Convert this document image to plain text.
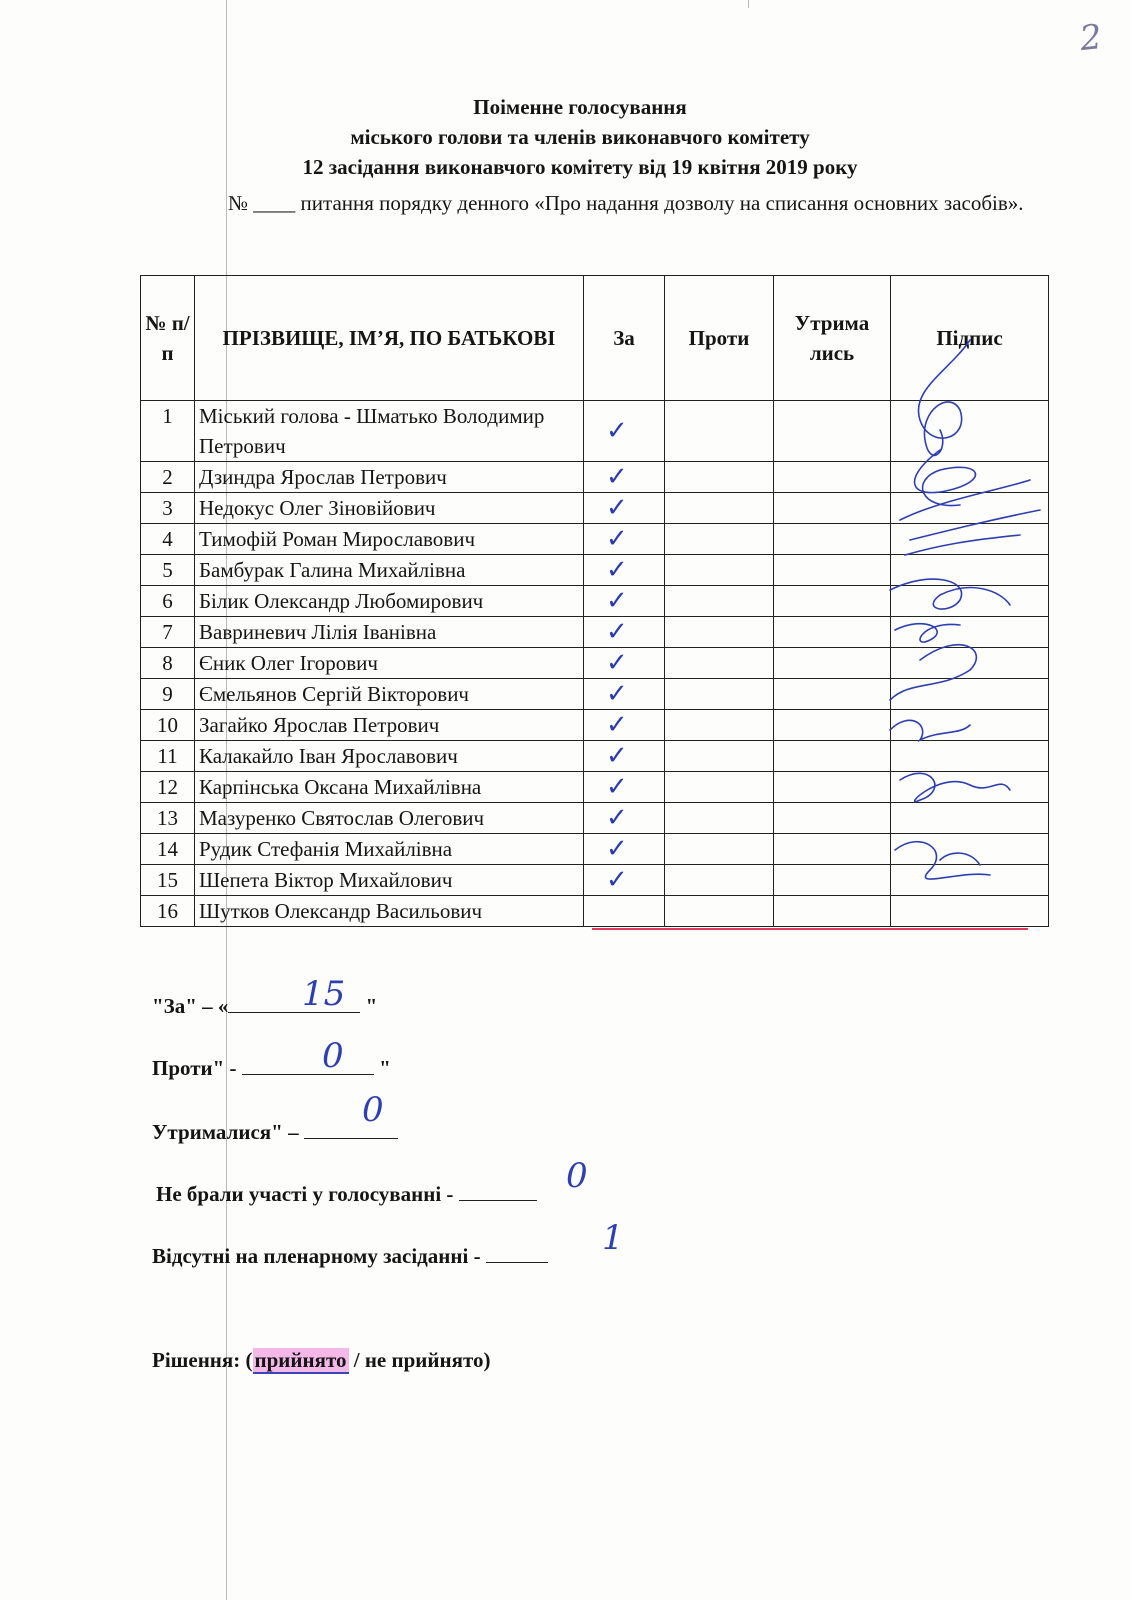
2
Поіменне голосування
міського голови та членів виконавчого комітету
12 засідання виконавчого комітету від 19 квітня 2019 року
№ ____ питання порядку денного «Про надання дозволу на списання основних засобів».
№ п/ п	ПРІЗВИЩЕ, ІМ’Я, ПО БАТЬКОВІ	За	Проти	Утрима лись	Підпис
1	Міський голова - Шматько Володимир Петрович	✓			

2	Дзиндра Ярослав Петрович	✓			

3	Недокус Олег Зіновійович	✓			

4	Тимофій Роман Мирославович	✓			

5	Бамбурак Галина Михайлівна	✓			

6	Білик Олександр Любомирович	✓			

7	Вавриневич Лілія Іванівна	✓			

8	Єник Олег Ігорович	✓			

9	Ємельянов Сергій Вікторович	✓			

10	Загайко Ярослав Петрович	✓			

11	Калакайло Іван Ярославович	✓			

12	Карпінська Оксана Михайлівна	✓			

13	Мазуренко Святослав Олегович	✓			

14	Рудик Стефанія Михайлівна	✓			

15	Шепета Віктор Михайлович	✓			

16	Шутков Олександр Васильович				
"За" – «	"
15
Проти" -	"
0
Утрималися" –
0
Не брали участі у голосуванні -	0
Відсутні на пленарному засіданні -	1
Рішення: (прийнято / не прийнято)
